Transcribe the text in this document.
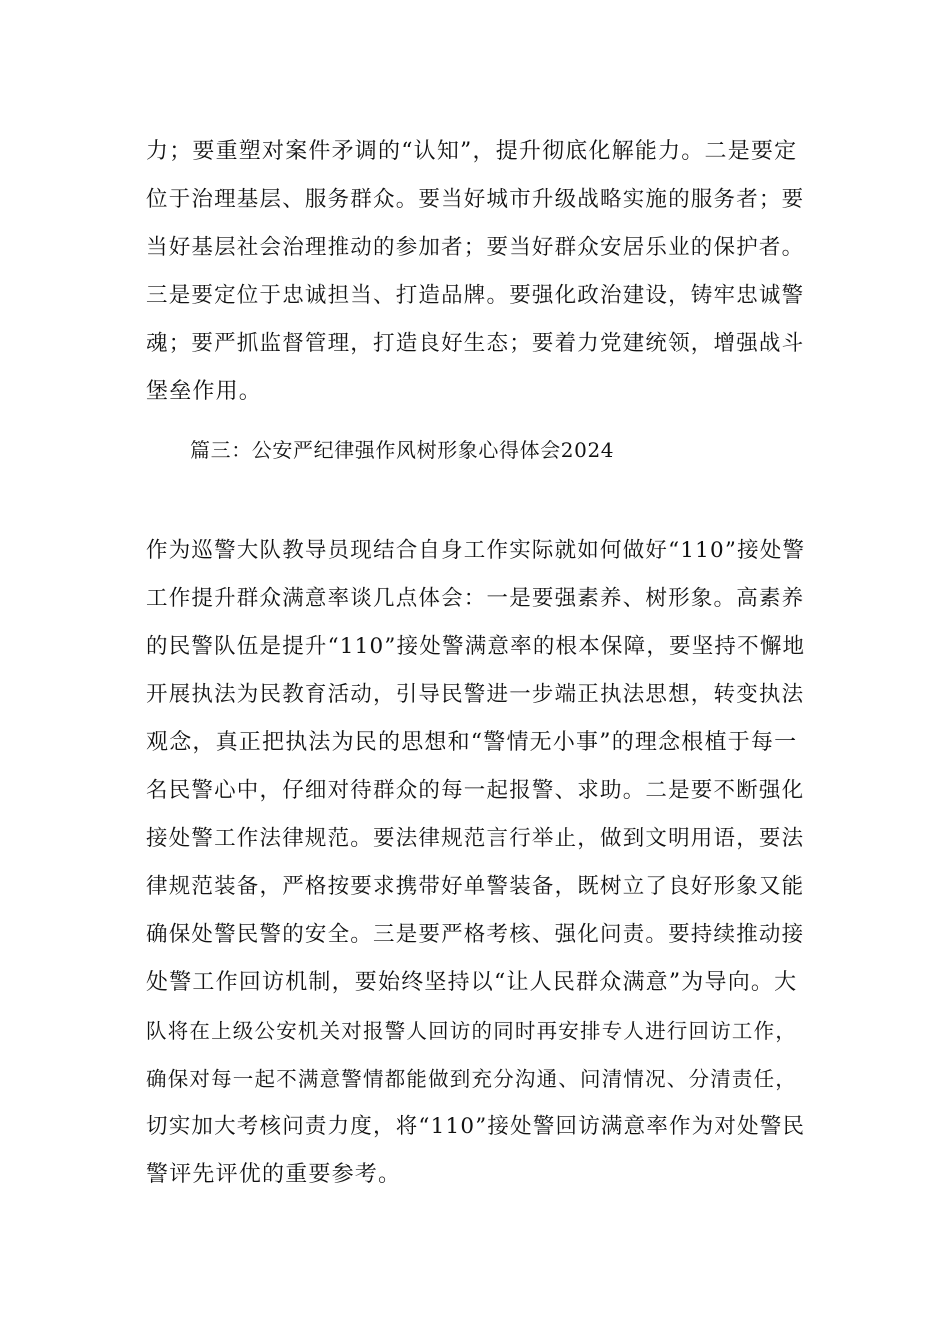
力；要重塑对案件矛调的“认知”，提升彻底化解能力。二是要定
位于治理基层、服务群众。要当好城市升级战略实施的服务者；要
当好基层社会治理推动的参加者；要当好群众安居乐业的保护者。
三是要定位于忠诚担当、打造品牌。要强化政治建设，铸牢忠诚警
魂；要严抓监督管理，打造良好生态；要着力党建统领，增强战斗
堡垒作用。
篇三：公安严纪律强作风树形象心得体会2024
作为巡警大队教导员现结合自身工作实际就如何做好“110”接处警
工作提升群众满意率谈几点体会：一是要强素养、树形象。高素养
的民警队伍是提升“110”接处警满意率的根本保障，要坚持不懈地
开展执法为民教育活动，引导民警进一步端正执法思想，转变执法
观念，真正把执法为民的思想和“警情无小事”的理念根植于每一
名民警心中，仔细对待群众的每一起报警、求助。二是要不断强化
接处警工作法律规范。要法律规范言行举止，做到文明用语，要法
律规范装备，严格按要求携带好单警装备，既树立了良好形象又能
确保处警民警的安全。三是要严格考核、强化问责。要持续推动接
处警工作回访机制，要始终坚持以“让人民群众满意”为导向。大
队将在上级公安机关对报警人回访的同时再安排专人进行回访工作，
确保对每一起不满意警情都能做到充分沟通、问清情况、分清责任，
切实加大考核问责力度，将“110”接处警回访满意率作为对处警民
警评先评优的重要参考。
